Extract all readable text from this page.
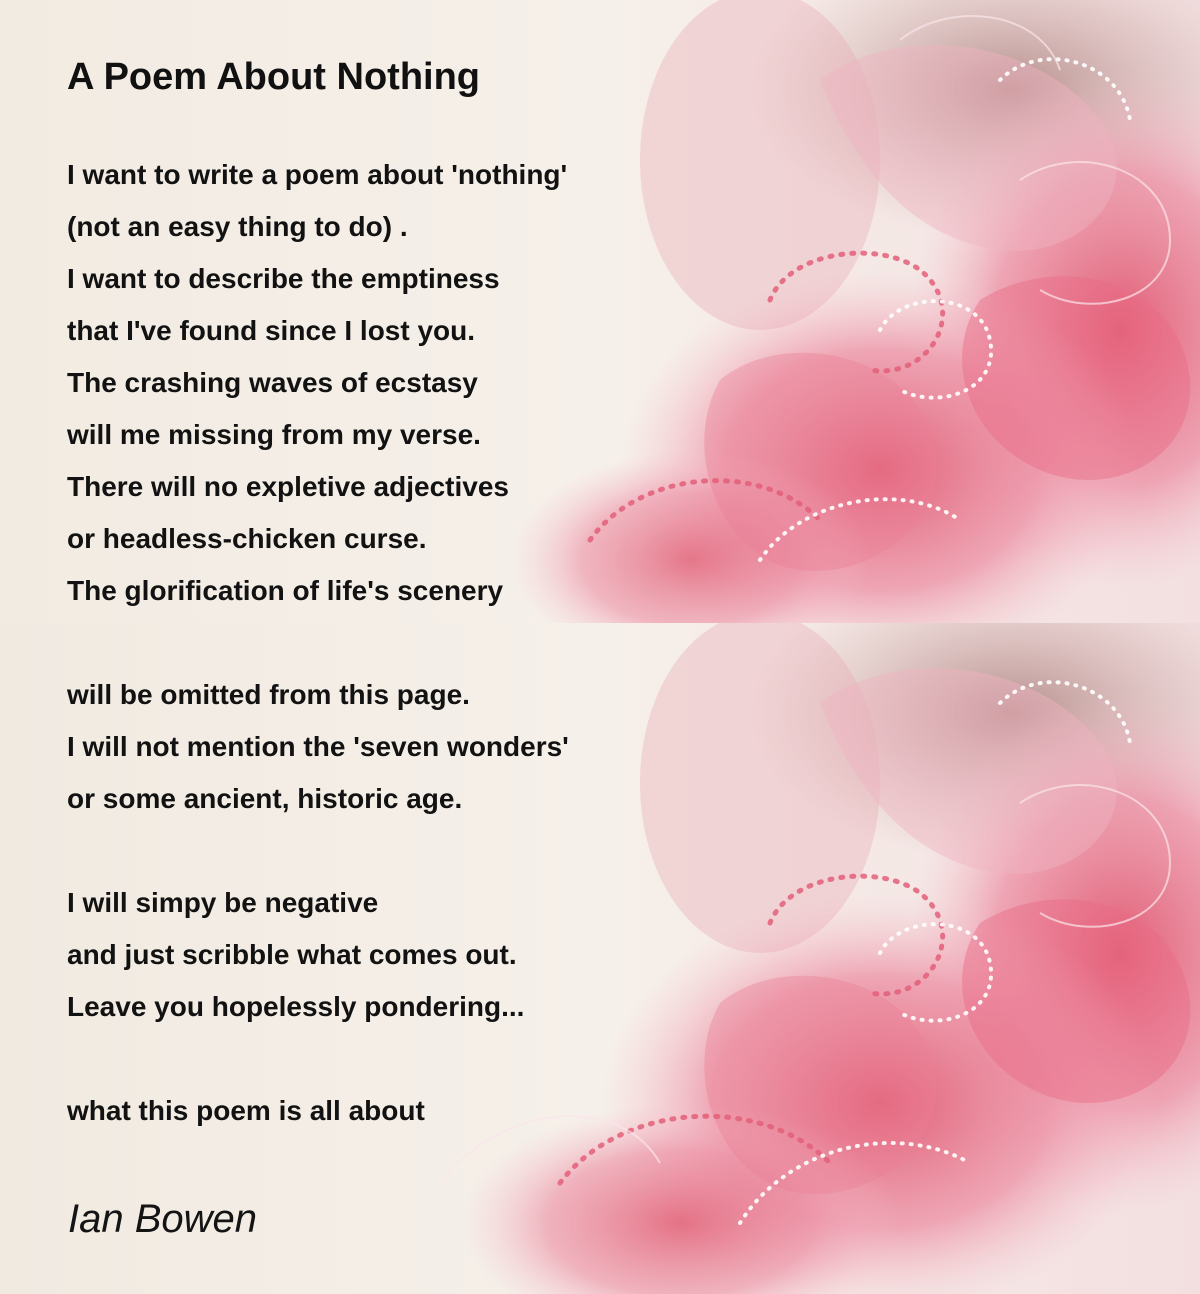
A Poem About Nothing
I want to write a poem about 'nothing'
(not an easy thing to do) .
I want to describe the emptiness
that I've found since I lost you.
The crashing waves of ecstasy
will me missing from my verse.
There will no expletive adjectives
or headless-chicken curse.
The glorification of life's scenery
will be omitted from this page.
I will not mention the 'seven wonders'
or some ancient, historic age.
I will simpy be negative
and just scribble what comes out.
Leave you hopelessly pondering...
what this poem is all about
Ian Bowen
